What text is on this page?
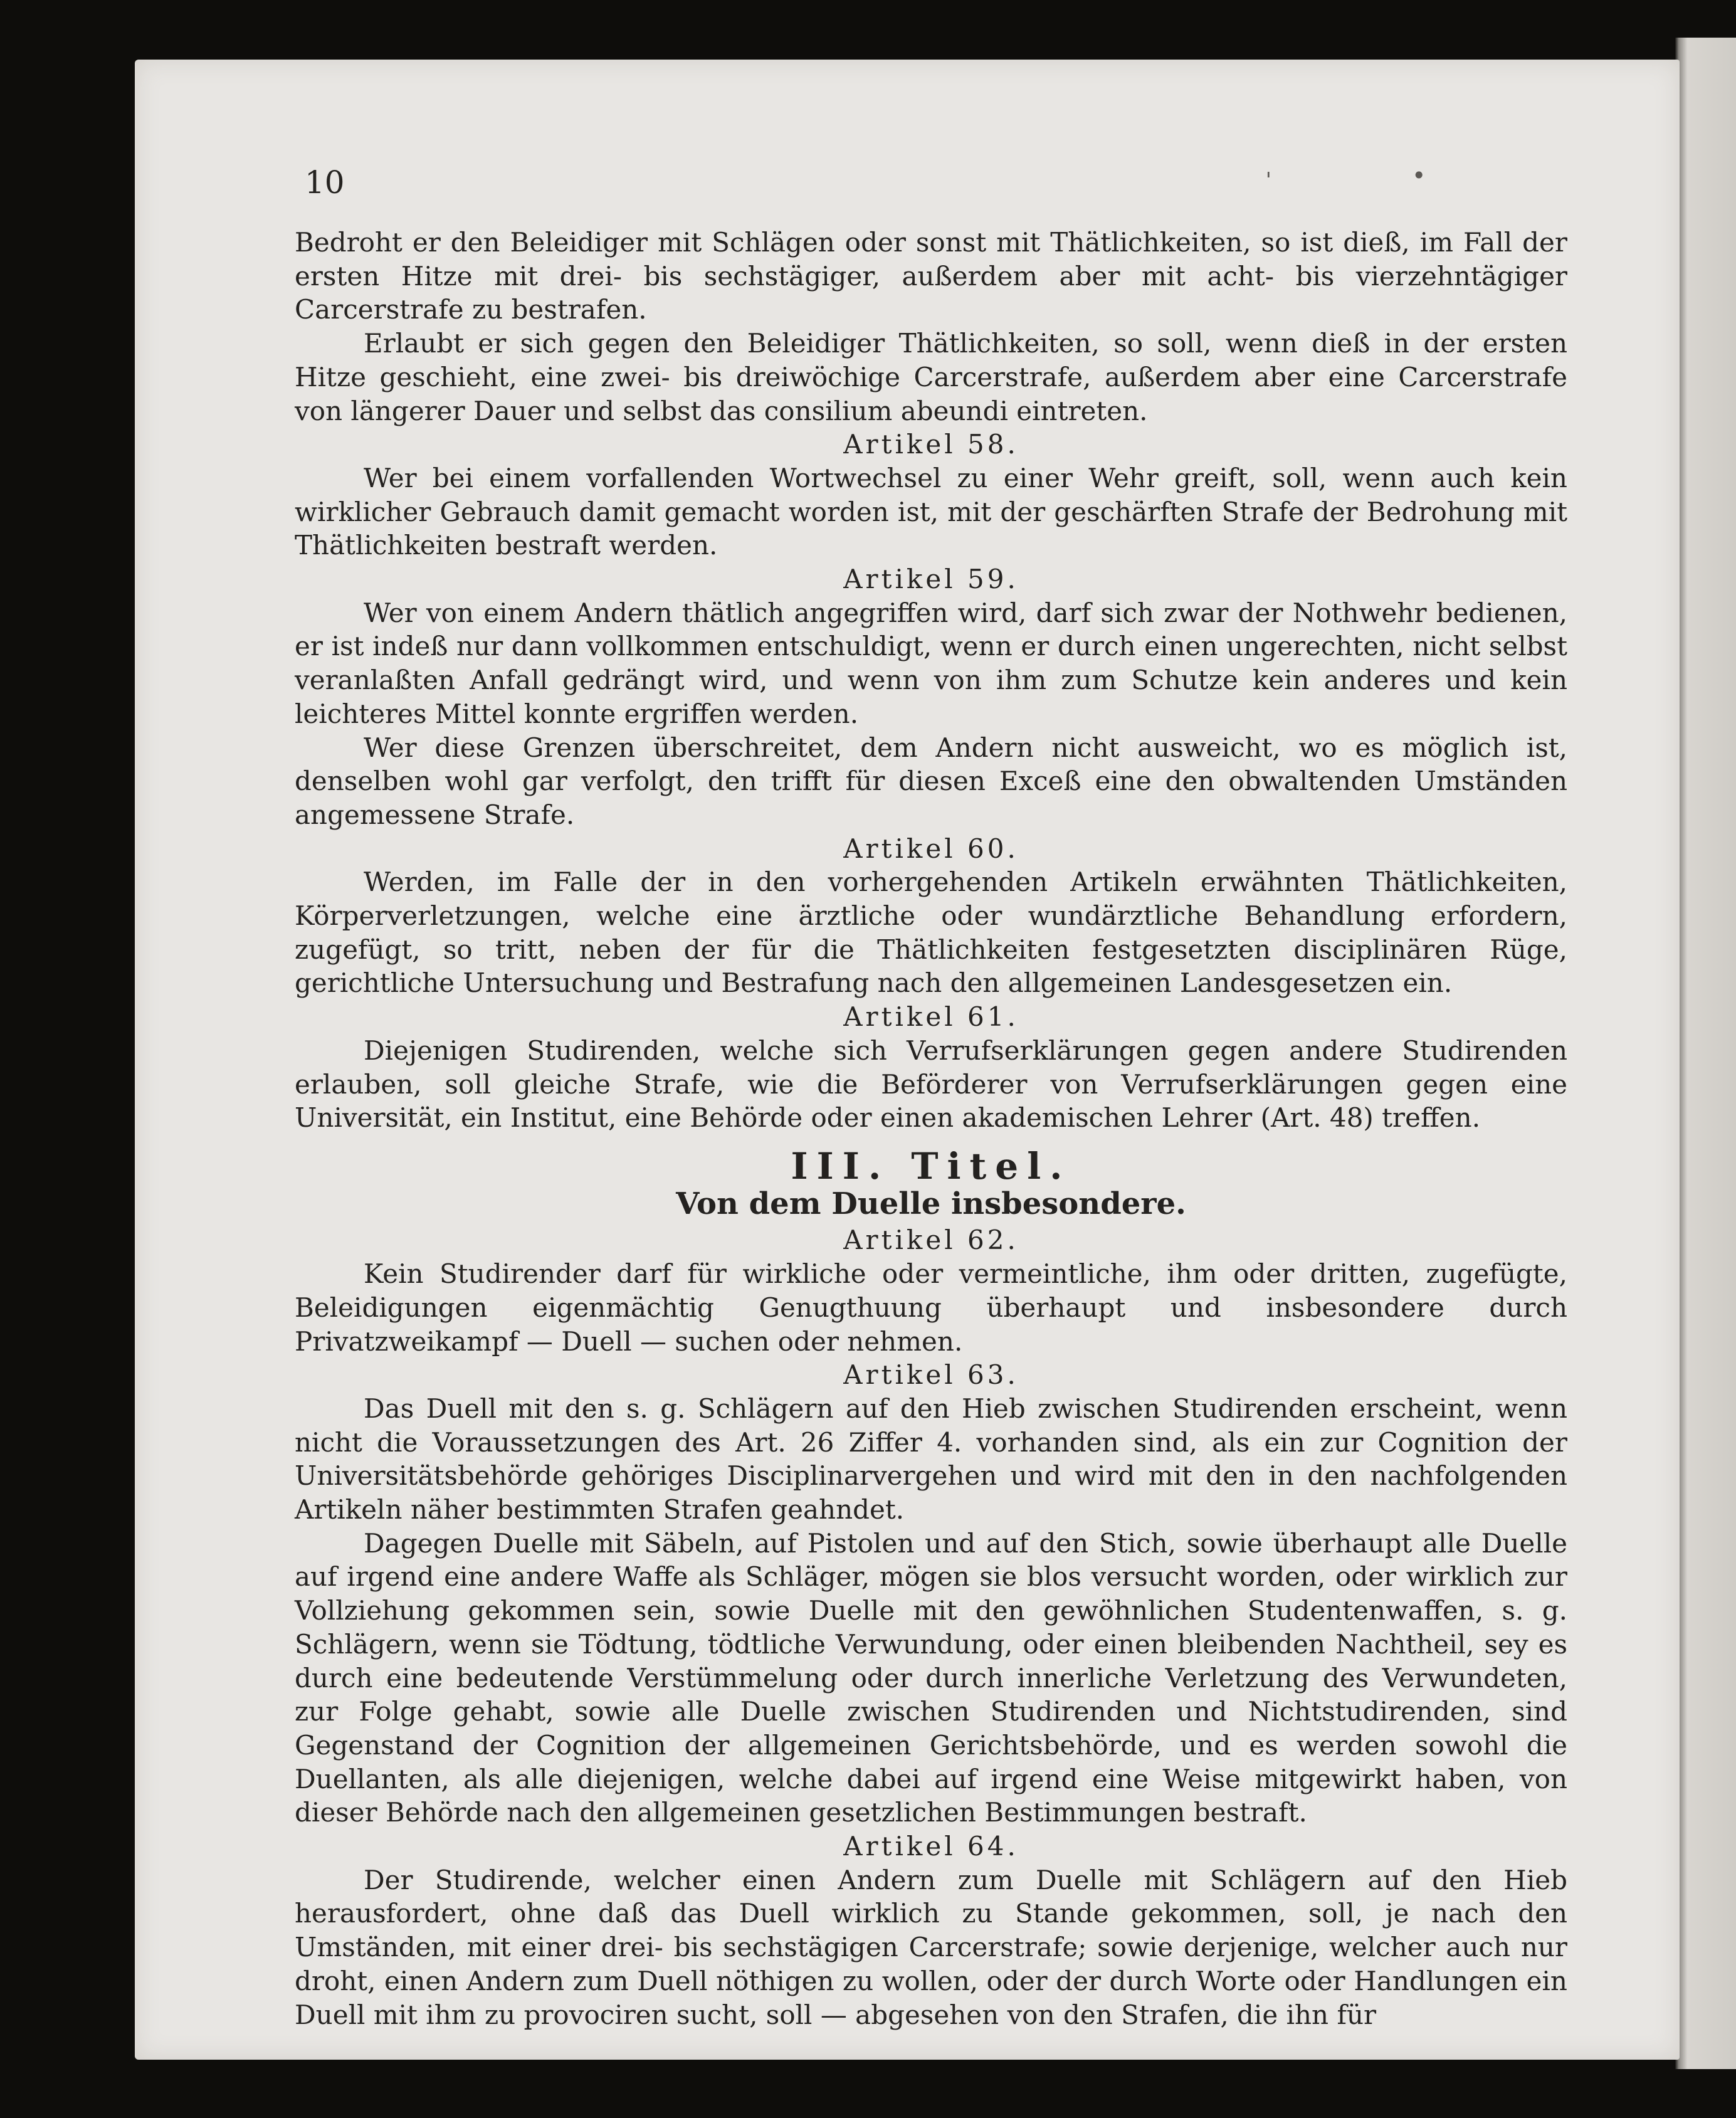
10	ˈ	•

Bedroht er den Beleidiger mit Schlägen oder sonst mit Thätlichkeiten, so ist dieß, im Fall der ersten Hitze mit drei- bis sechstägiger, außerdem aber mit acht- bis vierzehntägiger Carcerstrafe zu bestrafen.

Erlaubt er sich gegen den Beleidiger Thätlichkeiten, so soll, wenn dieß in der ersten Hitze geschieht, eine zwei- bis dreiwöchige Carcerstrafe, außerdem aber eine Carcerstrafe von längerer Dauer und selbst das consilium abeundi eintreten.

Artikel 58.

Wer bei einem vorfallenden Wortwechsel zu einer Wehr greift, soll, wenn auch kein wirklicher Gebrauch damit gemacht worden ist, mit der geschärften Strafe der Bedrohung mit Thätlichkeiten bestraft werden.

Artikel 59.

Wer von einem Andern thätlich angegriffen wird, darf sich zwar der Nothwehr bedienen, er ist indeß nur dann vollkommen entschuldigt, wenn er durch einen ungerechten, nicht selbst veranlaßten Anfall gedrängt wird, und wenn von ihm zum Schutze kein anderes und kein leichteres Mittel konnte ergriffen werden.

Wer diese Grenzen überschreitet, dem Andern nicht ausweicht, wo es möglich ist, denselben wohl gar verfolgt, den trifft für diesen Exceß eine den obwaltenden Umständen angemessene Strafe.

Artikel 60.

Werden, im Falle der in den vorhergehenden Artikeln erwähnten Thätlichkeiten, Körperverletzungen, welche eine ärztliche oder wundärztliche Behandlung erfordern, zugefügt, so tritt, neben der für die Thätlichkeiten festgesetzten disciplinären Rüge, gerichtliche Untersuchung und Bestrafung nach den allgemeinen Landesgesetzen ein.

Artikel 61.

Diejenigen Studirenden, welche sich Verrufserklärungen gegen andere Studirenden erlauben, soll gleiche Strafe, wie die Beförderer von Verrufserklärungen gegen eine Universität, ein Institut, eine Behörde oder einen akademischen Lehrer (Art. 48) treffen.

III. Titel.

Von dem Duelle insbesondere.

Artikel 62.

Kein Studirender darf für wirkliche oder vermeintliche, ihm oder dritten, zugefügte, Beleidigungen eigenmächtig Genugthuung überhaupt und insbesondere durch Privatzweikampf — Duell — suchen oder nehmen.

Artikel 63.

Das Duell mit den s. g. Schlägern auf den Hieb zwischen Studirenden erscheint, wenn nicht die Voraussetzungen des Art. 26 Ziffer 4. vorhanden sind, als ein zur Cognition der Universitätsbehörde gehöriges Disciplinarvergehen und wird mit den in den nachfolgenden Artikeln näher bestimmten Strafen geahndet.

Dagegen Duelle mit Säbeln, auf Pistolen und auf den Stich, sowie überhaupt alle Duelle auf irgend eine andere Waffe als Schläger, mögen sie blos versucht worden, oder wirklich zur Vollziehung gekommen sein, sowie Duelle mit den gewöhnlichen Studentenwaffen, s. g. Schlägern, wenn sie Tödtung, tödtliche Verwundung, oder einen bleibenden Nachtheil, sey es durch eine bedeutende Verstümmelung oder durch innerliche Verletzung des Verwundeten, zur Folge gehabt, sowie alle Duelle zwischen Studirenden und Nichtstudirenden, sind Gegenstand der Cognition der allgemeinen Gerichtsbehörde, und es werden sowohl die Duellanten, als alle diejenigen, welche dabei auf irgend eine Weise mitgewirkt haben, von dieser Behörde nach den allgemeinen gesetzlichen Bestimmungen bestraft.

Artikel 64.

Der Studirende, welcher einen Andern zum Duelle mit Schlägern auf den Hieb herausfordert, ohne daß das Duell wirklich zu Stande gekommen, soll, je nach den Umständen, mit einer drei- bis sechstägigen Carcerstrafe; sowie derjenige, welcher auch nur droht, einen Andern zum Duell nöthigen zu wollen, oder der durch Worte oder Handlungen ein Duell mit ihm zu provociren sucht, soll — abgesehen von den Strafen, die ihn für
